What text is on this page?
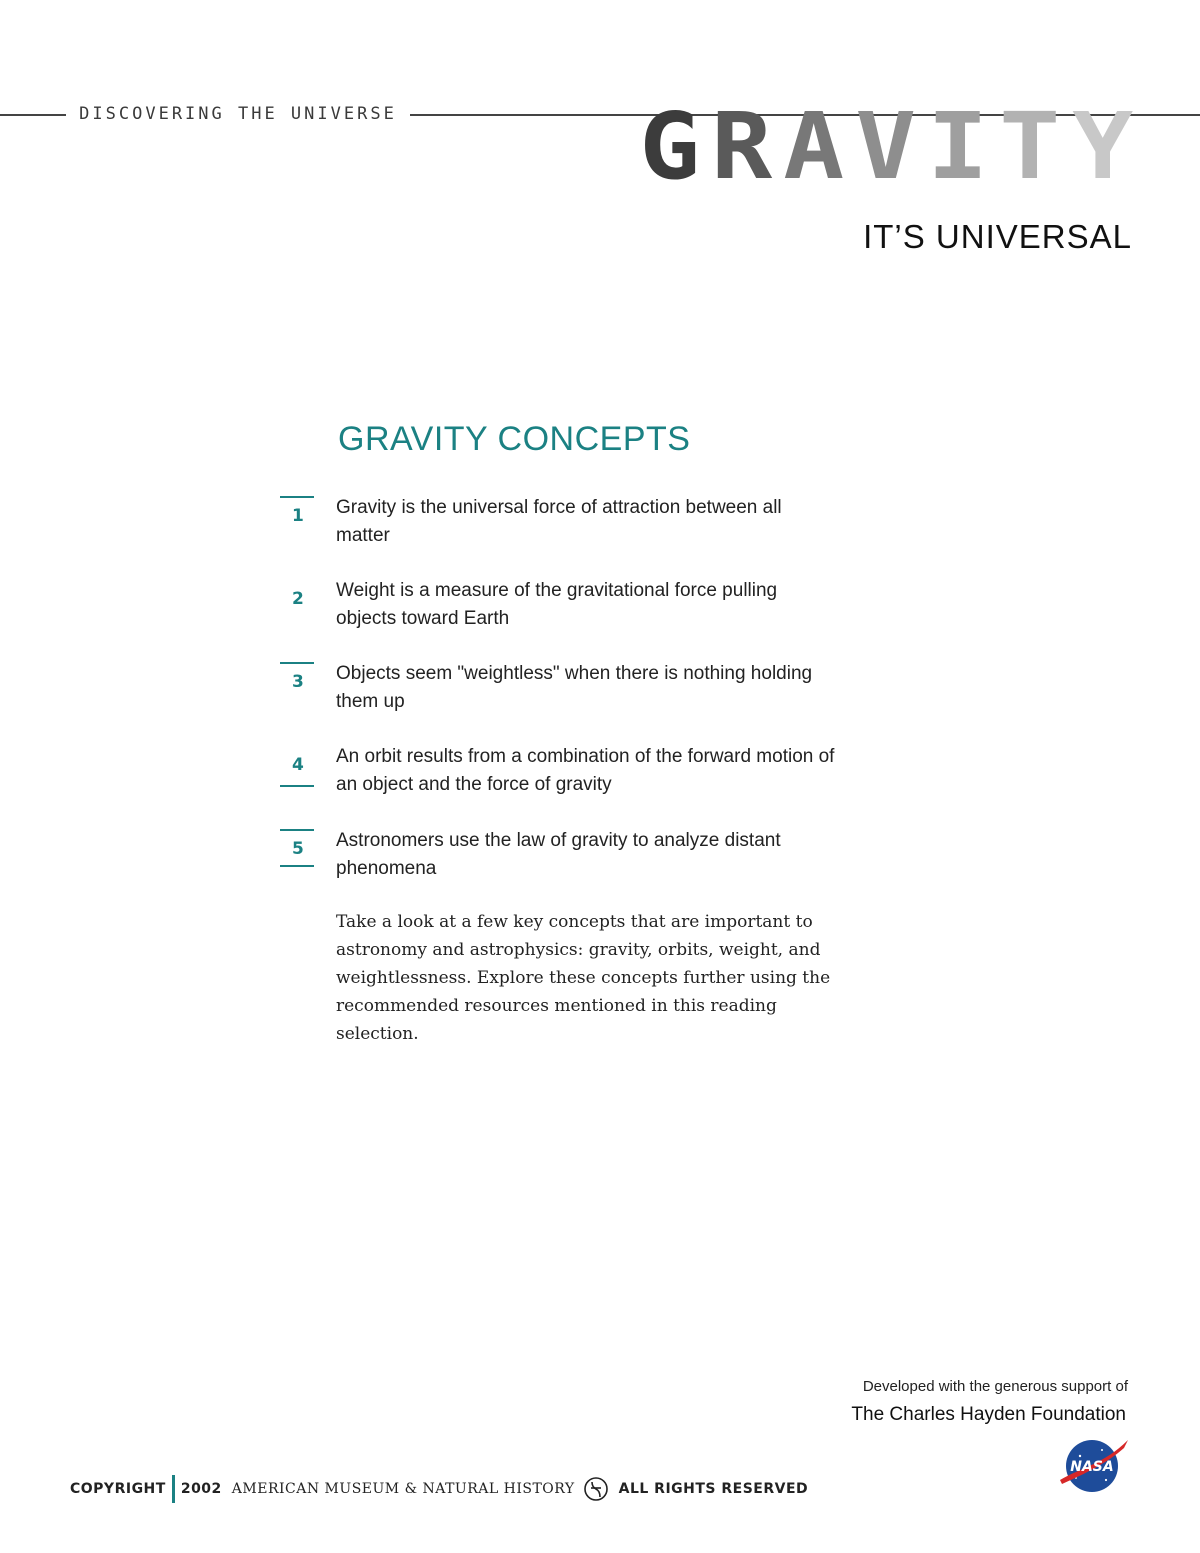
DISCOVERING THE UNIVERSE	G R A V I T Y
IT’S UNIVERSAL
GRAVITY CONCEPTS
1 Gravity is the universal force of attraction between all matter
2 Weight is a measure of the gravitational force pulling objects toward Earth
3 Objects seem "weightless" when there is nothing holding them up
4 An orbit results from a combination of the forward motion of an object and the force of gravity
5 Astronomers use the law of gravity to analyze distant phenomena
Take a look at a few key concepts that are important to astronomy and astrophysics: gravity, orbits, weight, and weightlessness. Explore these concepts further using the recommended resources mentioned in this reading selection.
Developed with the generous support of
The Charles Hayden Foundation
NASA
COPYRIGHT 2002 AMERICAN MUSEUM & NATURAL HISTORY	ALL RIGHTS RESERVED
